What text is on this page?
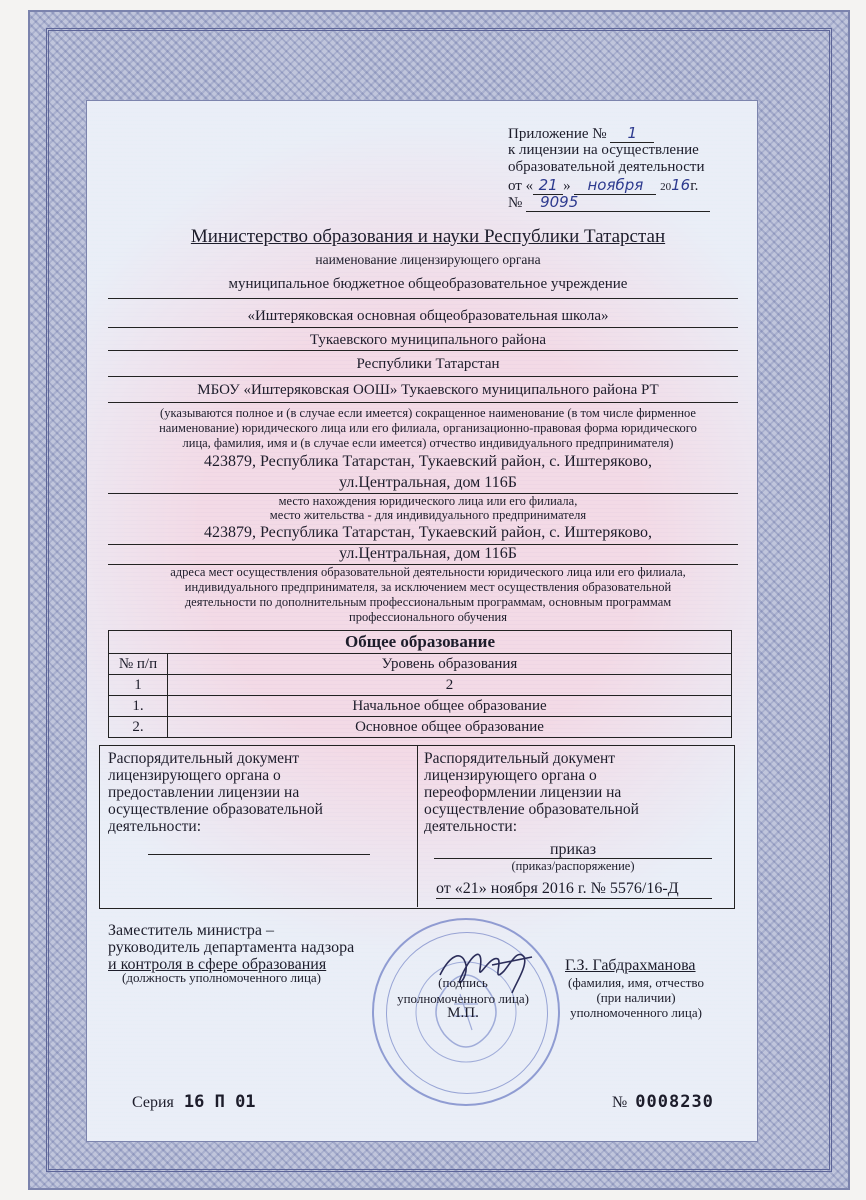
Приложение № 1
к лицензии на осуществление
образовательной деятельности
от « 21 » ноября 2016г.
№ 9095
Министерство образования и науки Республики Татарстан
наименование лицензирующего органа
муниципальное бюджетное общеобразовательное учреждение
«Иштеряковская основная общеобразовательная школа»
Тукаевского муниципального района
Республики Татарстан
МБОУ «Иштеряковская ООШ» Тукаевского муниципального района РТ
(указываются полное и (в случае если имеется) сокращенное наименование (в том числе фирменное
наименование) юридического лица или его филиала, организационно-правовая форма юридического
лица, фамилия, имя и (в случае если имеется) отчество индивидуального предпринимателя)
423879, Республика Татарстан, Тукаевский район, с. Иштеряково,
ул.Центральная, дом 116Б
место нахождения юридического лица или его филиала,
место жительства - для индивидуального предпринимателя
423879, Республика Татарстан, Тукаевский район, с. Иштеряково,
ул.Центральная, дом 116Б
адреса мест осуществления образовательной деятельности юридического лица или его филиала,
индивидуального предпринимателя, за исключением мест осуществления образовательной
деятельности по дополнительным профессиональным программам, основным программам
профессионального обучения
Общее образование	
№ п/п	Уровень образования
1	2
1.	Начальное общее образование
2.	Основное общее образование
Распорядительный документ
лицензирующего органа о
предоставлении лицензии на
осуществление образовательной
деятельности:
Распорядительный документ
лицензирующего органа о
переоформлении лицензии на
осуществление образовательной
деятельности:
приказ
(приказ/распоряжение)
от «21» ноября 2016 г. № 5576/16-Д
Заместитель министра –
руководитель департамента надзора
и контроля в сфере образования
(должность уполномоченного лица)	(подпись
уполномоченного лица)
М.П.
Г.З. Габдрахманова
(фамилия, имя, отчество
(при наличии)
уполномоченного лица)
Серия 16 П 01	№ 0008230
